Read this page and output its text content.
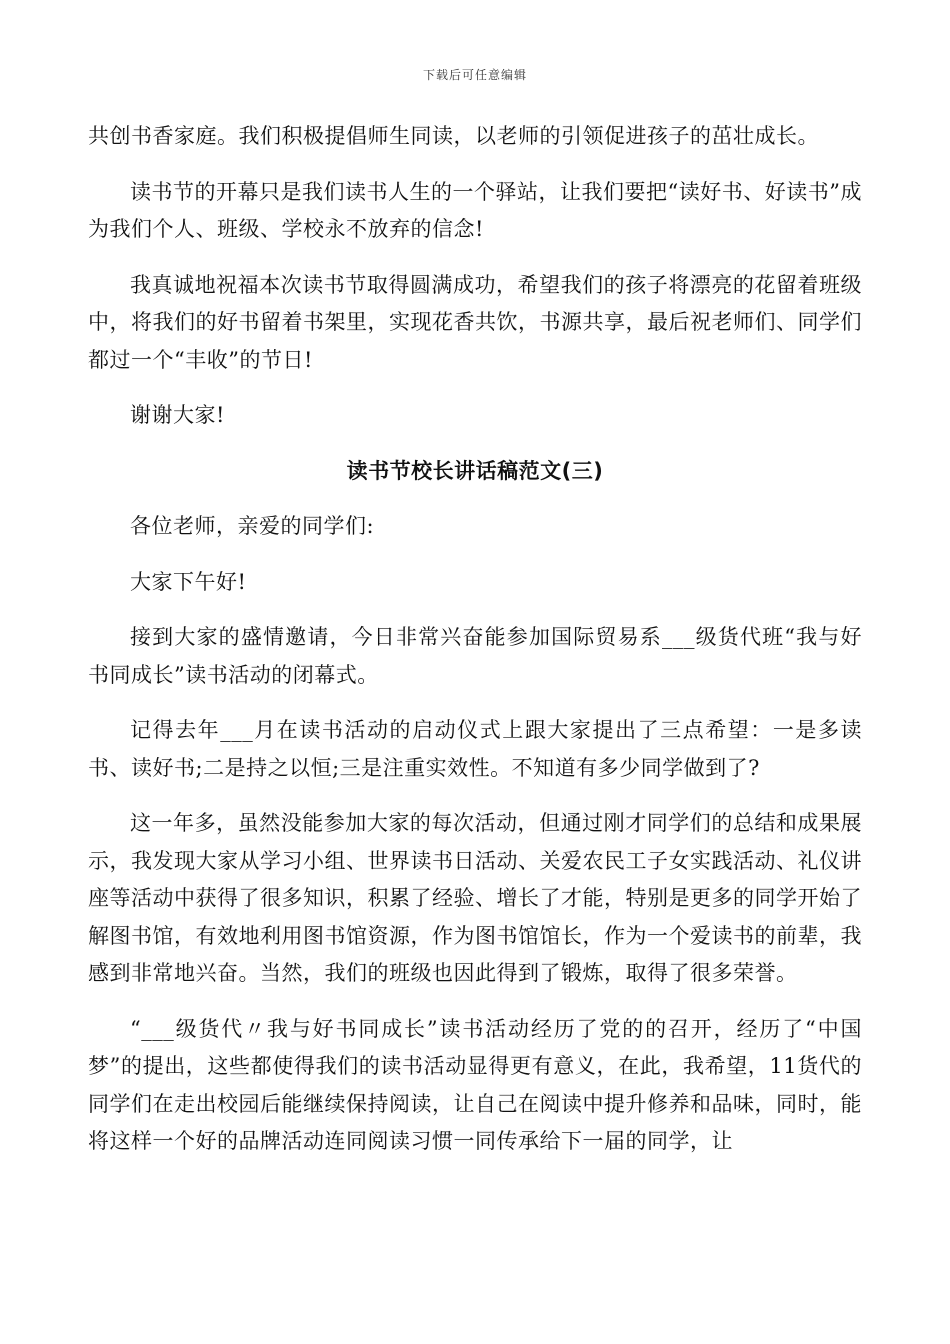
下载后可任意编辑

共创书香家庭。我们积极提倡师生同读，以老师的引领促进孩子的茁壮成长。

读书节的开幕只是我们读书人生的一个驿站，让我们要把“读好书、好读书”成为我们个人、班级、学校永不放弃的信念!

我真诚地祝福本次读书节取得圆满成功，希望我们的孩子将漂亮的花留着班级中，将我们的好书留着书架里，实现花香共饮，书源共享，最后祝老师们、同学们都过一个“丰收”的节日!

谢谢大家!

读书节校长讲话稿范文(三)

各位老师，亲爱的同学们:

大家下午好!

接到大家的盛情邀请，今日非常兴奋能参加国际贸易系___级货代班“我与好书同成长”读书活动的闭幕式。

记得去年___月在读书活动的启动仪式上跟大家提出了三点希望：一是多读书、读好书;二是持之以恒;三是注重实效性。不知道有多少同学做到了?

这一年多，虽然没能参加大家的每次活动，但通过刚才同学们的总结和成果展示，我发现大家从学习小组、世界读书日活动、关爱农民工子女实践活动、礼仪讲座等活动中获得了很多知识，积累了经验、增长了才能，特别是更多的同学开始了解图书馆，有效地利用图书馆资源，作为图书馆馆长，作为一个爱读书的前辈，我感到非常地兴奋。当然，我们的班级也因此得到了锻炼，取得了很多荣誉。

“___级货代〃我与好书同成长”读书活动经历了党的的召开，经历了“中国梦”的提出，这些都使得我们的读书活动显得更有意义，在此，我希望，11货代的同学们在走出校园后能继续保持阅读，让自己在阅读中提升修养和品味，同时，能将这样一个好的品牌活动连同阅读习惯一同传承给下一届的同学，让
